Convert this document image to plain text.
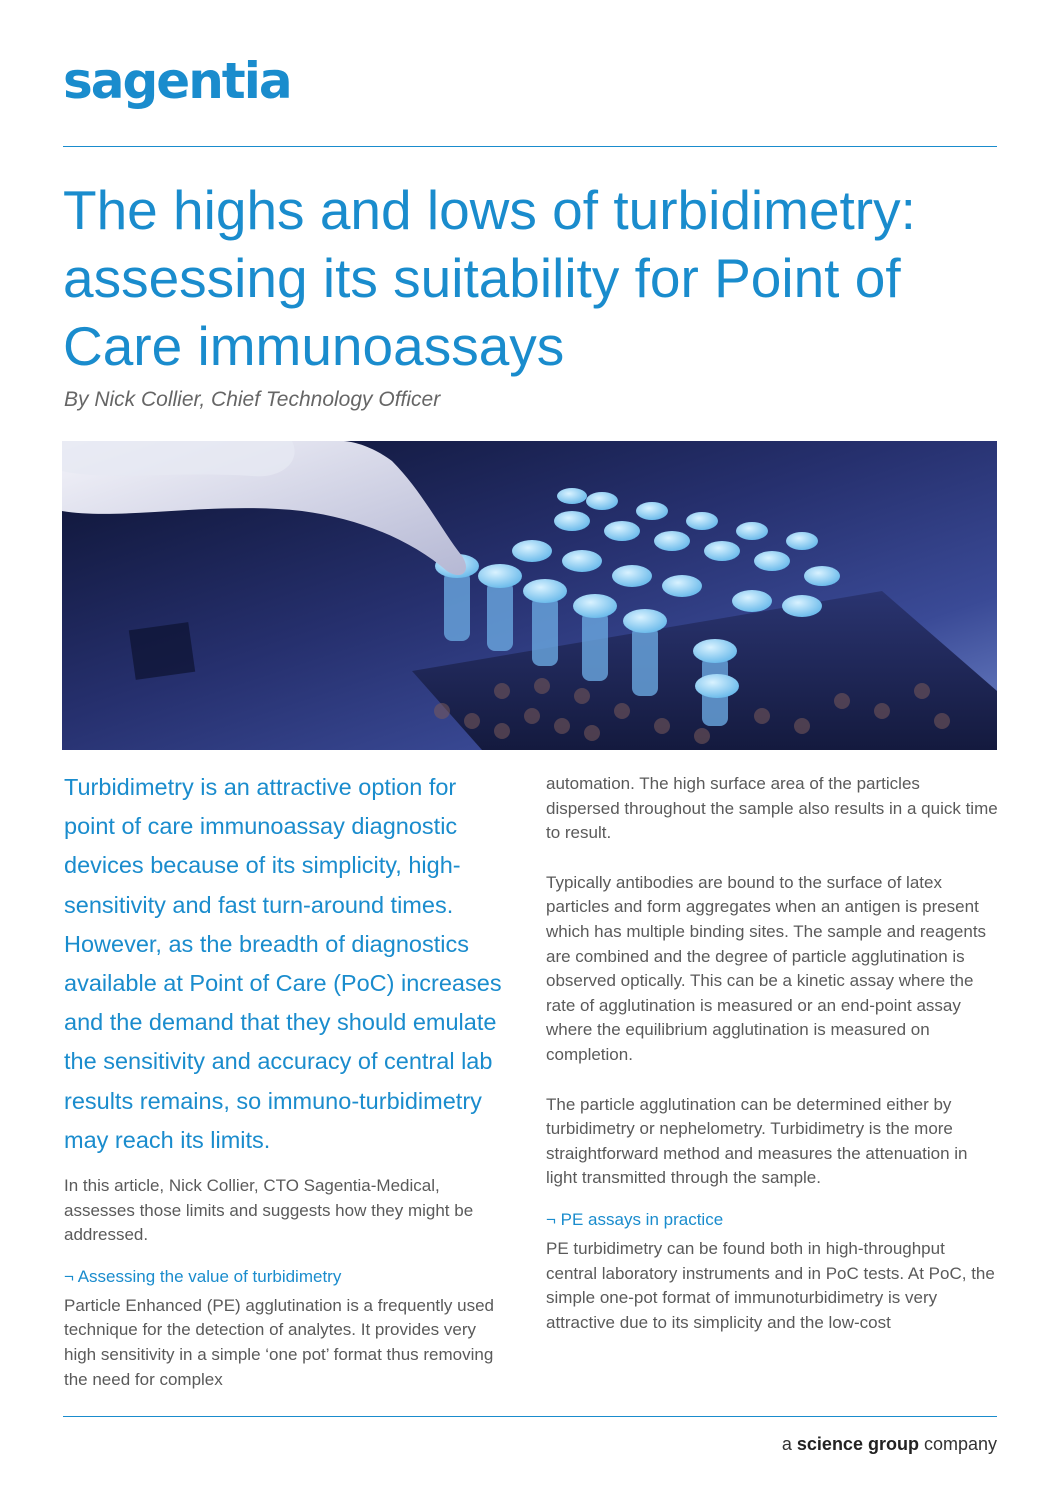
sagentia
The highs and lows of turbidimetry: assessing its suitability for Point of Care immunoassays
By Nick Collier, Chief Technology Officer

Turbidimetry is an attractive option for point of care immunoassay diagnostic devices because of its simplicity, high-sensitivity and fast turn-around times. However, as the breadth of diagnostics available at Point of Care (PoC) increases and the demand that they should emulate the sensitivity and accuracy of central lab results remains, so immuno-turbidimetry may reach its limits.

In this article, Nick Collier, CTO Sagentia-Medical, assesses those limits and suggests how they might be addressed.

¬ Assessing the value of turbidimetry

Particle Enhanced (PE) agglutination is a frequently used technique for the detection of analytes. It provides very high sensitivity in a simple ‘one pot’ format thus removing the need for complex

automation. The high surface area of the particles dispersed throughout the sample also results in a quick time to result.

Typically antibodies are bound to the surface of latex particles and form aggregates when an antigen is present which has multiple binding sites. The sample and reagents are combined and the degree of particle agglutination is observed optically. This can be a kinetic assay where the rate of agglutination is measured or an end-point assay where the equilibrium agglutination is measured on completion.

The particle agglutination can be determined either by turbidimetry or nephelometry. Turbidimetry is the more straightforward method and measures the attenuation in light transmitted through the sample.

¬ PE assays in practice

PE turbidimetry can be found both in high-throughput central laboratory instruments and in PoC tests. At PoC, the simple one-pot format of immunoturbidimetry is very attractive due to its simplicity and the low-cost

a science group company
